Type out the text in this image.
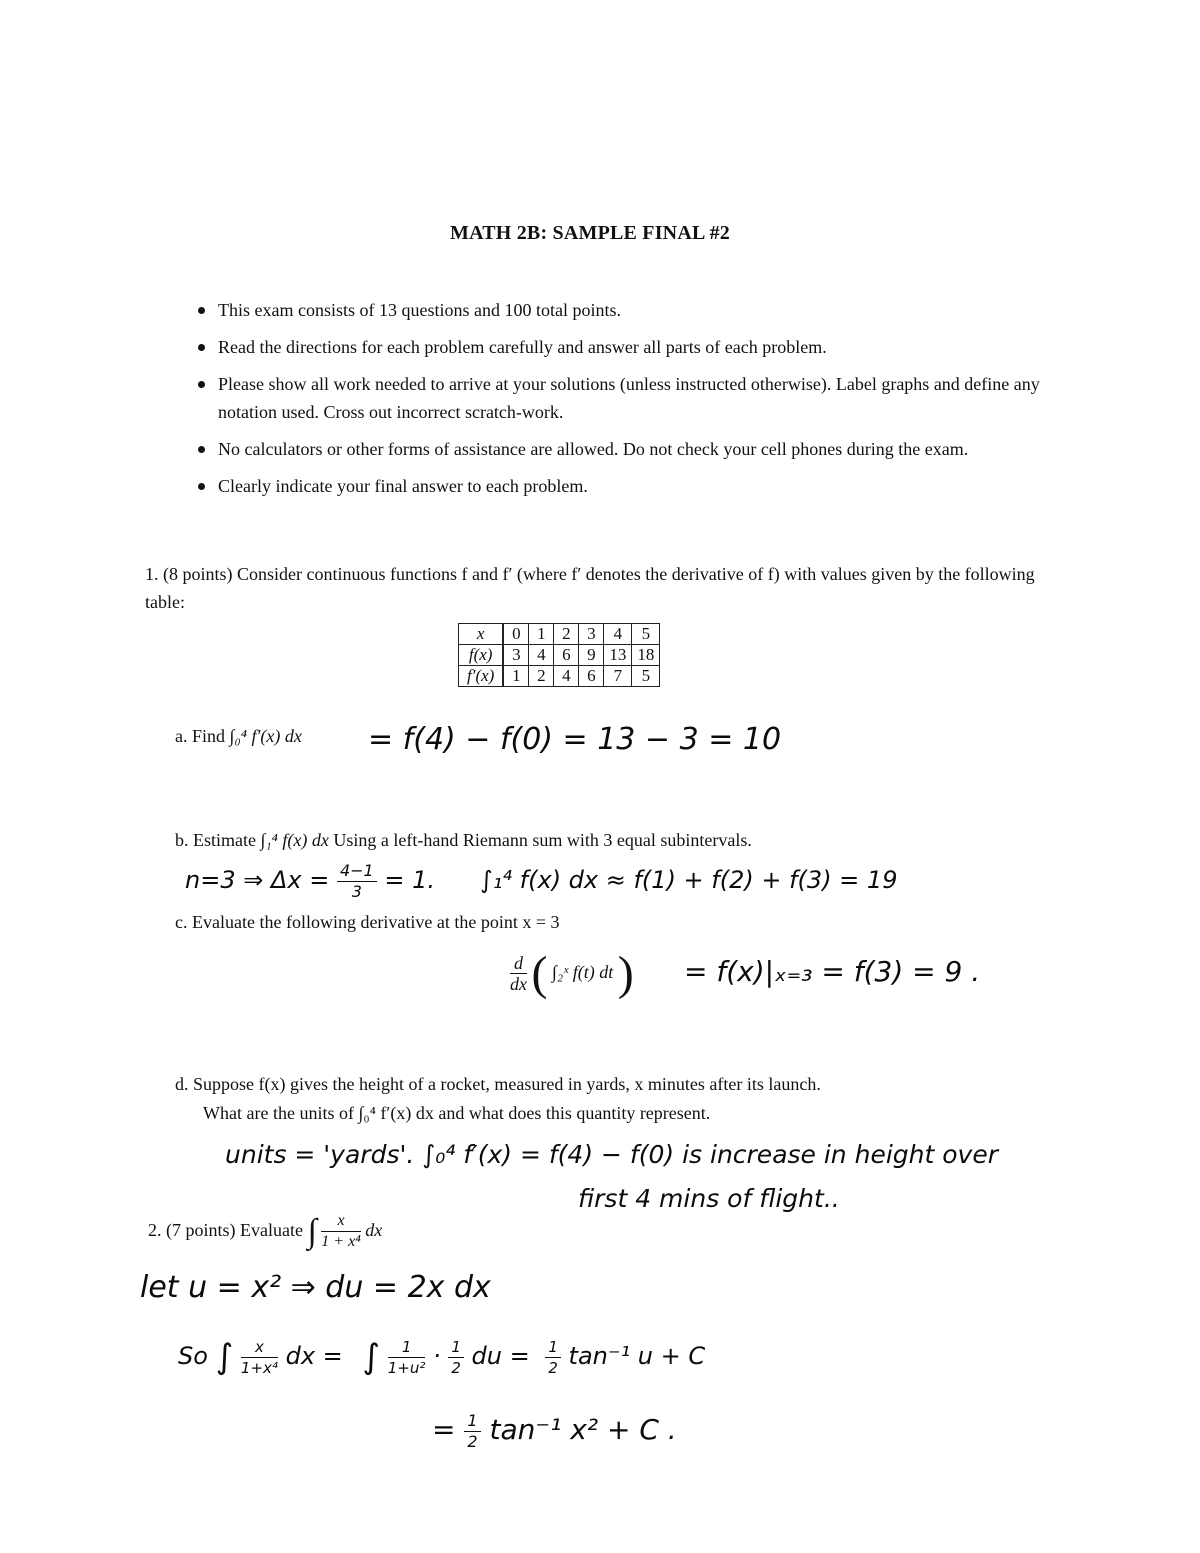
MATH 2B: SAMPLE FINAL #2
This exam consists of 13 questions and 100 total points.
Read the directions for each problem carefully and answer all parts of each problem.
Please show all work needed to arrive at your solutions (unless instructed otherwise). Label graphs and define any notation used. Cross out incorrect scratch-work.
No calculators or other forms of assistance are allowed. Do not check your cell phones during the exam.
Clearly indicate your final answer to each problem.
1. (8 points) Consider continuous functions f and f′ (where f′ denotes the derivative of f) with values given by the following table:
x	0	1	2	3	4	5
f(x)	3	4	6	9	13	18
f′(x)	1	2	4	6	7	5
a. Find ∫₀⁴ f′(x) dx = f(4) − f(0) = 13 − 3 = 10
b. Estimate ∫₁⁴ f(x) dx Using a left-hand Riemann sum with 3 equal subintervals.
n=3 ⇒ $\Delta x = \frac{4-1}{3} = 1$. ∫₁⁴ f(x) dx ≈ f(1) + f(2) + f(3) = 19
c. Evaluate the following derivative at the point x = 3
$\frac{d}{dx}$ ( ∫₂ˣ f(t) dt ) = f(x)|ₓ₌₃ = f(3) = 9 .
d. Suppose f(x) gives the height of a rocket, measured in yards, x minutes after its launch.
What are the units of ∫₀⁴ f′(x) dx and what does this quantity represent.
units = 'yards'. ∫₀⁴ f′(x) = f(4) − f(0) is increase in height over
first 4 mins of flight..
2. (7 points) Evaluate ∫ $\frac{x}{\text{1 + x⁴}}$ dx
let u = x² ⇒ du = 2x dx
So ∫ $\frac{x}{\text{1+x⁴}}$ dx = ∫ $\frac{1}{\text{1+u²}} \cdot \frac{1}{2}$ du = $\frac{1}{2} \tan^{-1}$ u + C
= $\frac{1}{2} \tan^{-1}$ x² + C .
